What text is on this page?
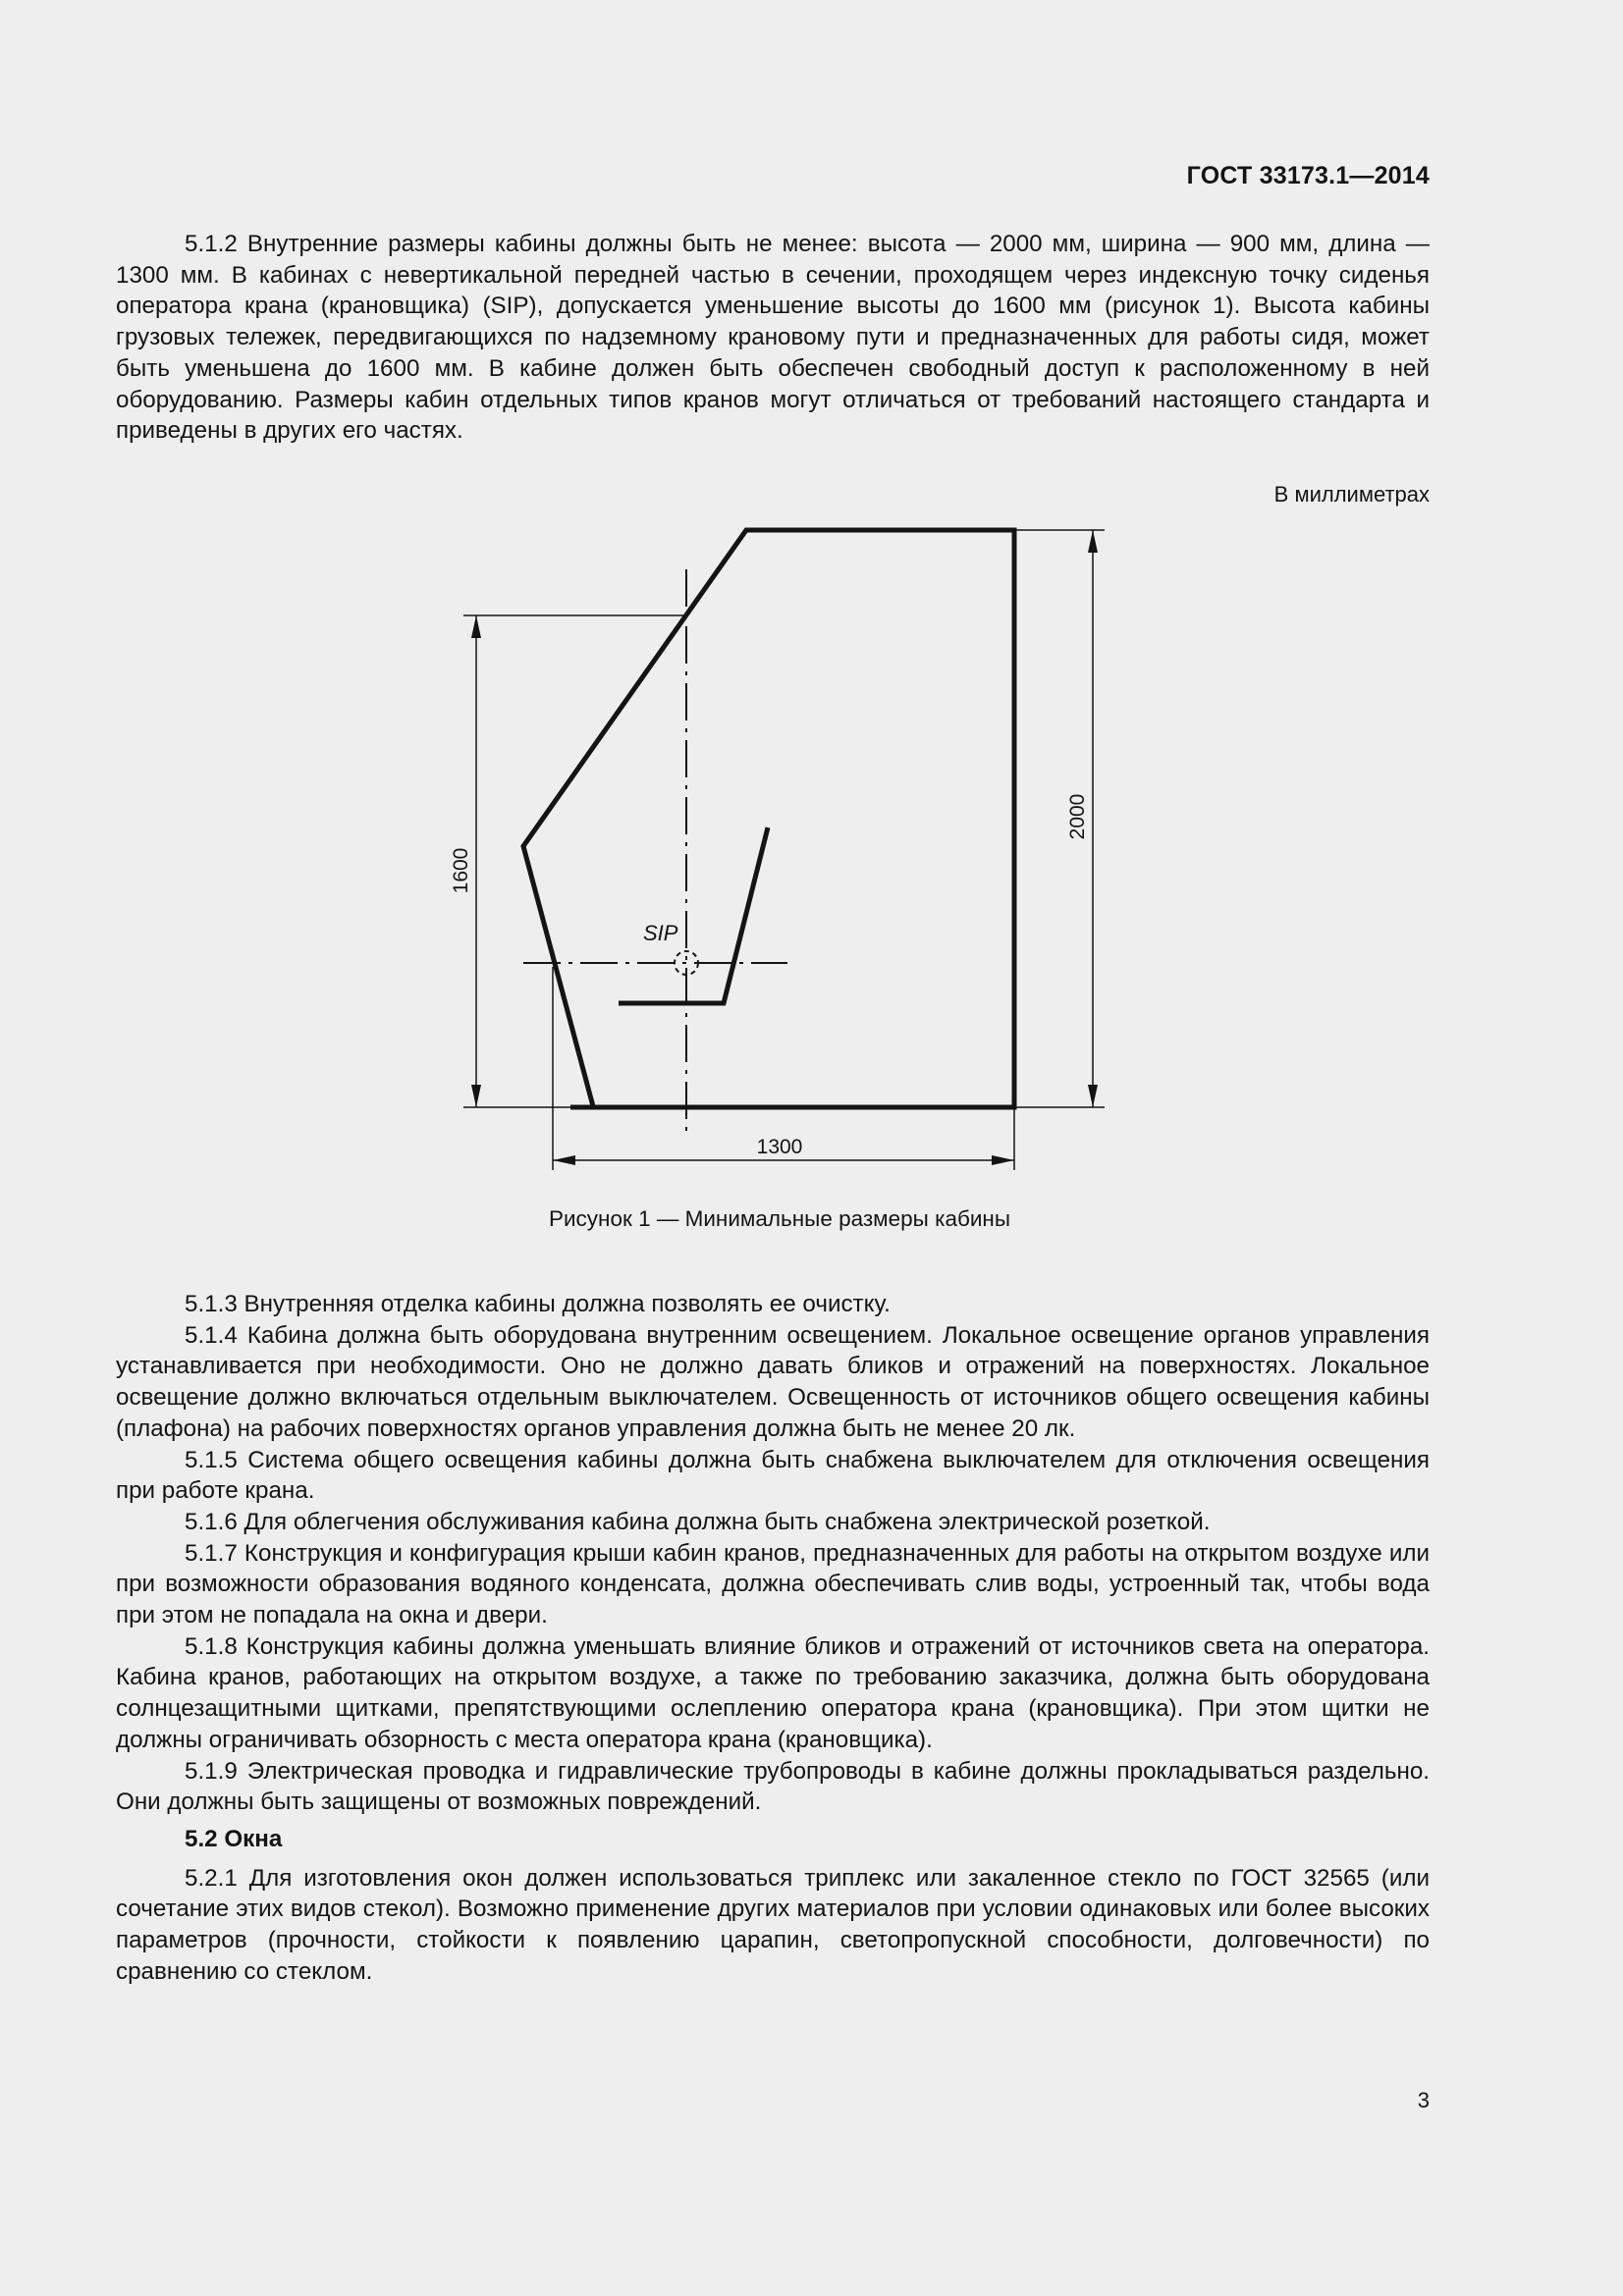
ГОСТ 33173.1—2014

5.1.2 Внутренние размеры кабины должны быть не менее: высота — 2000 мм, ширина — 900 мм, длина — 1300 мм. В кабинах с невертикальной передней частью в сечении, проходящем через индексную точку сиденья оператора крана (крановщика) (SIP), допускается уменьшение высоты до 1600 мм (рисунок 1). Высота кабины грузовых тележек, передвигающихся по надземному крановому пути и предназначенных для работы сидя, может быть уменьшена до 1600 мм. В кабине должен быть обеспечен свободный доступ к расположенному в ней оборудованию. Размеры кабин отдельных типов кранов могут отличаться от требований настоящего стандарта и приведены в других его частях.

В миллиметрах
SIP
1600
2000
1300
Рисунок 1 — Минимальные размеры кабины

5.1.3 Внутренняя отделка кабины должна позволять ее очистку.

5.1.4 Кабина должна быть оборудована внутренним освещением. Локальное освещение органов управления устанавливается при необходимости. Оно не должно давать бликов и отражений на поверхностях. Локальное освещение должно включаться отдельным выключателем. Освещенность от источников общего освещения кабины (плафона) на рабочих поверхностях органов управления должна быть не менее 20 лк.

5.1.5 Система общего освещения кабины должна быть снабжена выключателем для отключения освещения при работе крана.

5.1.6 Для облегчения обслуживания кабина должна быть снабжена электрической розеткой.

5.1.7 Конструкция и конфигурация крыши кабин кранов, предназначенных для работы на открытом воздухе или при возможности образования водяного конденсата, должна обеспечивать слив воды, устроенный так, чтобы вода при этом не попадала на окна и двери.

5.1.8 Конструкция кабины должна уменьшать влияние бликов и отражений от источников света на оператора. Кабина кранов, работающих на открытом воздухе, а также по требованию заказчика, должна быть оборудована солнцезащитными щитками, препятствующими ослеплению оператора крана (крановщика). При этом щитки не должны ограничивать обзорность с места оператора крана (крановщика).

5.1.9 Электрическая проводка и гидравлические трубопроводы в кабине должны прокладываться раздельно. Они должны быть защищены от возможных повреждений.

5.2 Окна

5.2.1 Для изготовления окон должен использоваться триплекс или закаленное стекло по ГОСТ 32565 (или сочетание этих видов стекол). Возможно применение других материалов при условии одинаковых или более высоких параметров (прочности, стойкости к появлению царапин, светопропускной способности, долговечности) по сравнению со стеклом.

3
